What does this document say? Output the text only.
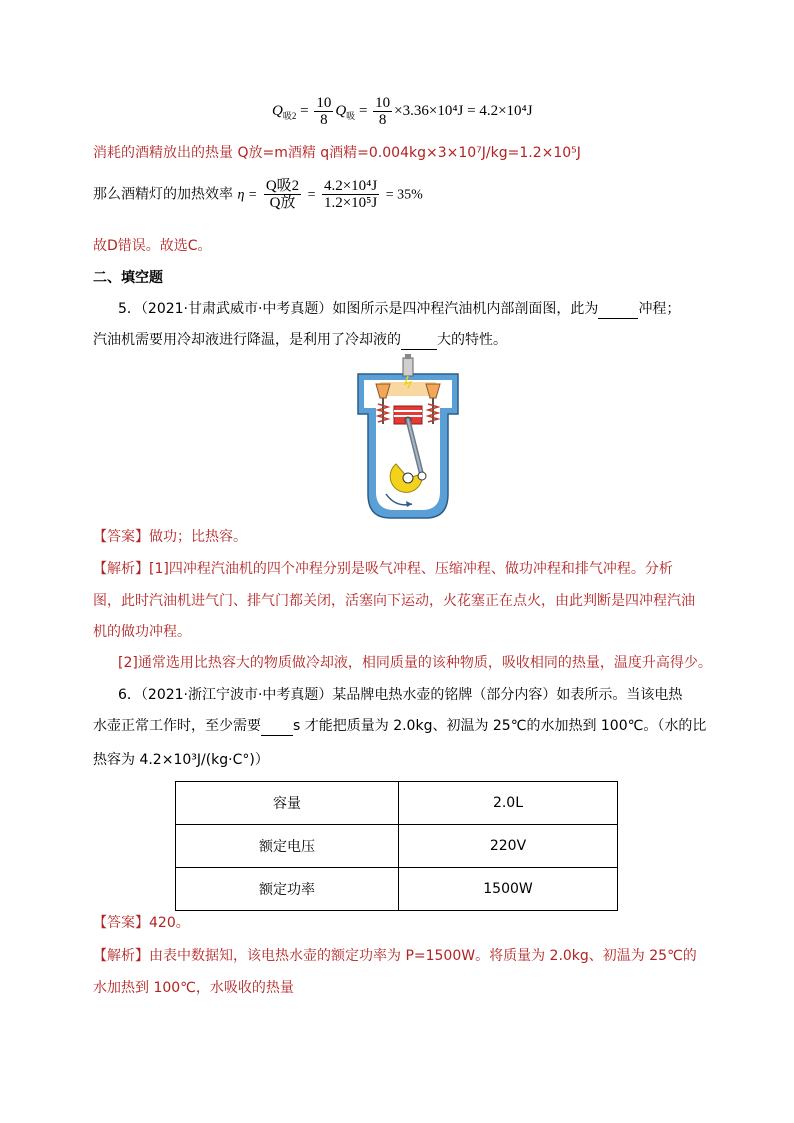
$Q_{吸2} = \frac{10}{8} Q_吸 = \frac{10}{8} \times 3.36\times 10^4J = 4.2\times 10^4J$
消耗的酒精放出的热量 Q放=m酒精 q酒精=0.004kg×3×10⁷J/kg=1.2×10⁵J
那么酒精灯的加热效率 $\eta = \frac{\text{Q吸2}}{\text{Q放}} = \frac{\text{4.2×10⁴J}}{\text{1.2×10⁵J}} = 35\%$
故D错误。故选C。
二、填空题
5．（2021·甘肃武威市·中考真题）如图所示是四冲程汽油机内部剖面图，此为	冲程；
汽油机需要用冷却液进行降温，是利用了冷却液的	大的特性。
【答案】做功；比热容。
【解析】[1]四冲程汽油机的四个冲程分别是吸气冲程、压缩冲程、做功冲程和排气冲程。分析
图，此时汽油机进气门、排气门都关闭，活塞向下运动，火花塞正在点火，由此判断是四冲程汽油
机的做功冲程。
[2]通常选用比热容大的物质做冷却液，相同质量的该种物质，吸收相同的热量，温度升高得少。
6．（2021·浙江宁波市·中考真题）某品牌电热水壶的铭牌（部分内容）如表所示。当该电热
水壶正常工作时，至少需要 s 才能把质量为 2.0kg、初温为 25℃的水加热到 100℃。（水的比
热容为 4.2×10³J/(kg·C°)）
容量	2.0L
额定电压	220V
额定功率	1500W
【答案】420。
【解析】由表中数据知，该电热水壶的额定功率为 P=1500W。将质量为 2.0kg、初温为 25℃的
水加热到 100℃，水吸收的热量
